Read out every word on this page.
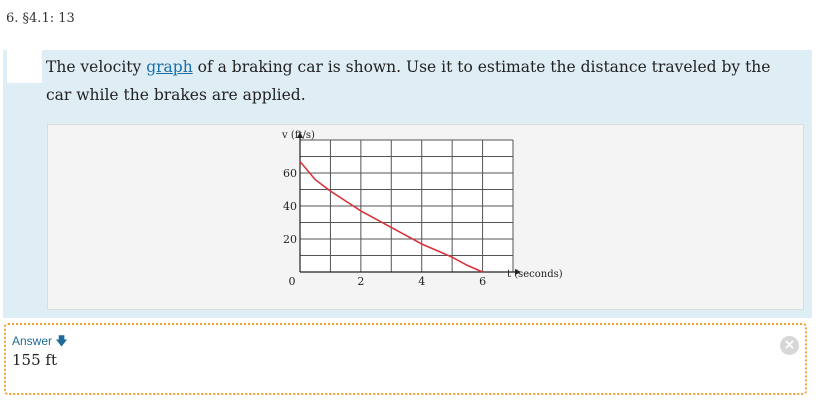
6. §4.1: 13
The velocity graph of a braking car is shown. Use it to estimate the distance traveled by the car while the brakes are applied.
v (ft/s)
t (seconds)
20
40
60
0	2	4	6
Answer 🡇
155 ft
×
